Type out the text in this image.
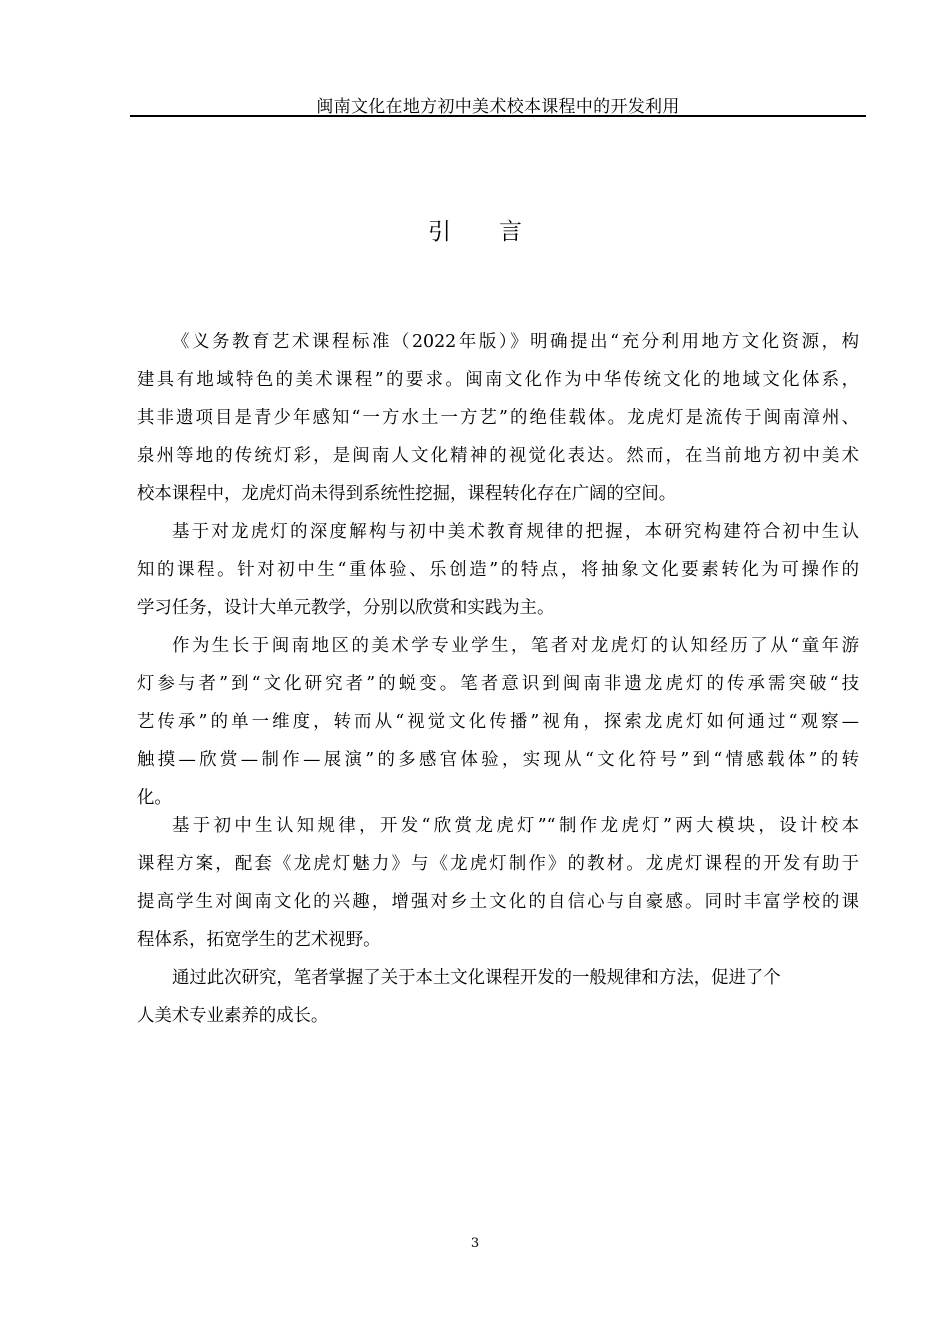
闽南文化在地方初中美术校本课程中的开发利用
引 言
《义务教育艺术课程标准（2022年版）》明确提出“充分利用地方文化资源，构
建具有地域特色的美术课程”的要求。闽南文化作为中华传统文化的地域文化体系，
其非遗项目是青少年感知“一方水土一方艺”的绝佳载体。龙虎灯是流传于闽南漳州、
泉州等地的传统灯彩，是闽南人文化精神的视觉化表达。然而，在当前地方初中美术
校本课程中，龙虎灯尚未得到系统性挖掘，课程转化存在广阔的空间。
基于对龙虎灯的深度解构与初中美术教育规律的把握，本研究构建符合初中生认
知的课程。针对初中生“重体验、乐创造”的特点，将抽象文化要素转化为可操作的
学习任务，设计大单元教学，分别以欣赏和实践为主。
作为生长于闽南地区的美术学专业学生，笔者对龙虎灯的认知经历了从“童年游
灯参与者”到“文化研究者”的蜕变。笔者意识到闽南非遗龙虎灯的传承需突破“技
艺传承”的单一维度，转而从“视觉文化传播”视角，探索龙虎灯如何通过“观察—
触摸—欣赏—制作—展演”的多感官体验，实现从“文化符号”到“情感载体”的转
化。
基于初中生认知规律，开发“欣赏龙虎灯”“制作龙虎灯”两大模块，设计校本
课程方案，配套《龙虎灯魅力》与《龙虎灯制作》的教材。龙虎灯课程的开发有助于
提高学生对闽南文化的兴趣，增强对乡土文化的自信心与自豪感。同时丰富学校的课
程体系，拓宽学生的艺术视野。
通过此次研究，笔者掌握了关于本土文化课程开发的一般规律和方法，促进了个
人美术专业素养的成长。
3
